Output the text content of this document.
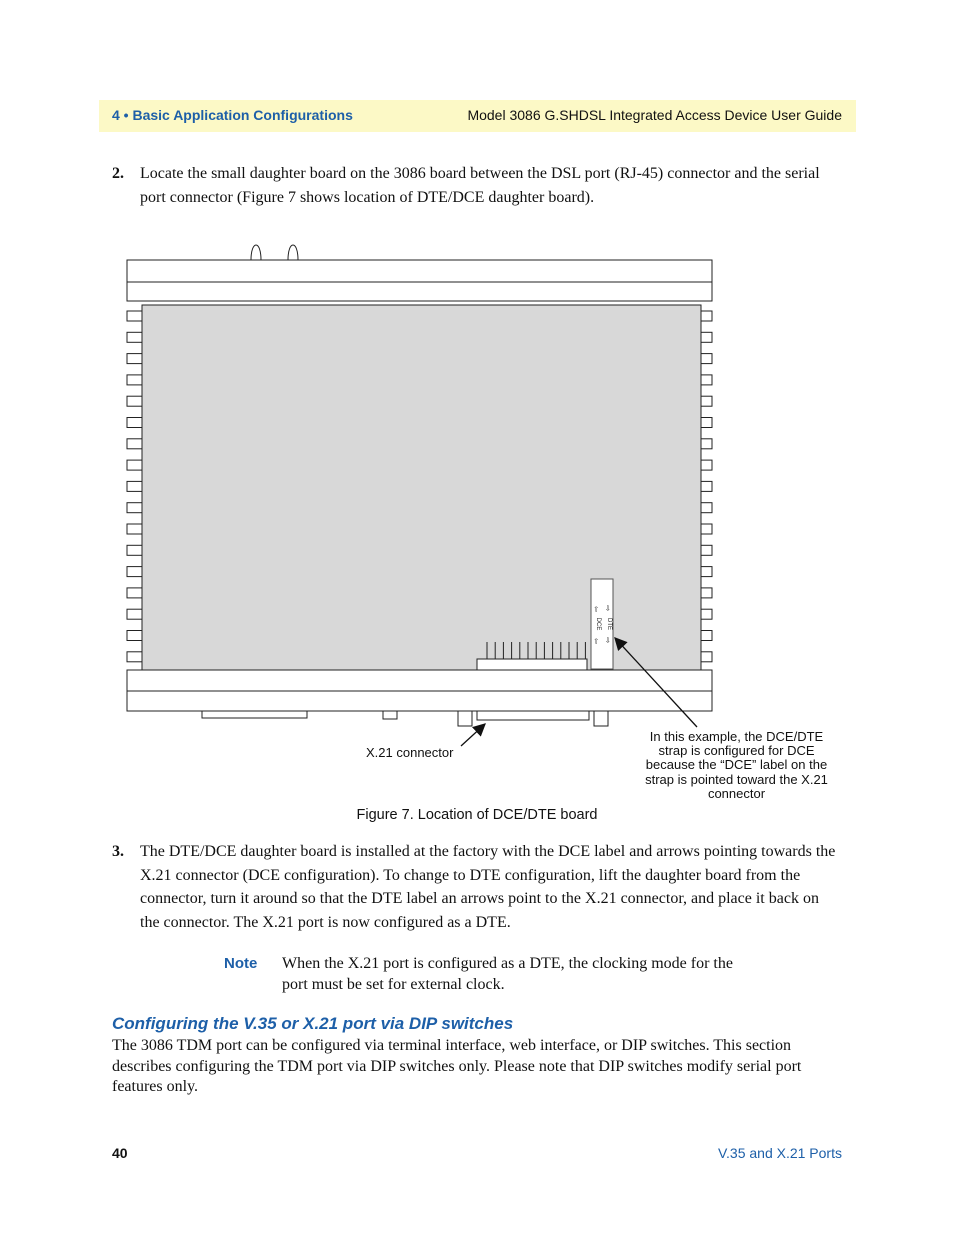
4 • Basic Application Configurations	Model 3086 G.SHDSL Integrated Access Device User Guide
2. Locate the small daughter board on the 3086 board between the DSL port (RJ-45) connector and the serial port connector (Figure 7 shows location of DTE/DCE daughter board).
DCE DTE
⇦
⇦
⇦
⇦
X.21 connector
In this example, the DCE/DTE strap is configured for DCE because the “DCE” label on the strap is pointed toward the X.21 connector
Figure 7. Location of DCE/DTE board
3. The DTE/DCE daughter board is installed at the factory with the DCE label and arrows pointing towards the X.21 connector (DCE configuration). To change to DTE configuration, lift the daughter board from the connector, turn it around so that the DTE label an arrows point to the X.21 connector, and place it back on the connector. The X.21 port is now configured as a DTE.
Note When the X.21 port is configured as a DTE, the clocking mode for the port must be set for external clock.
Configuring the V.35 or X.21 port via DIP switches
The 3086 TDM port can be configured via terminal interface, web interface, or DIP switches. This section describes configuring the TDM port via DIP switches only. Please note that DIP switches modify serial port features only.
40	V.35 and X.21 Ports
